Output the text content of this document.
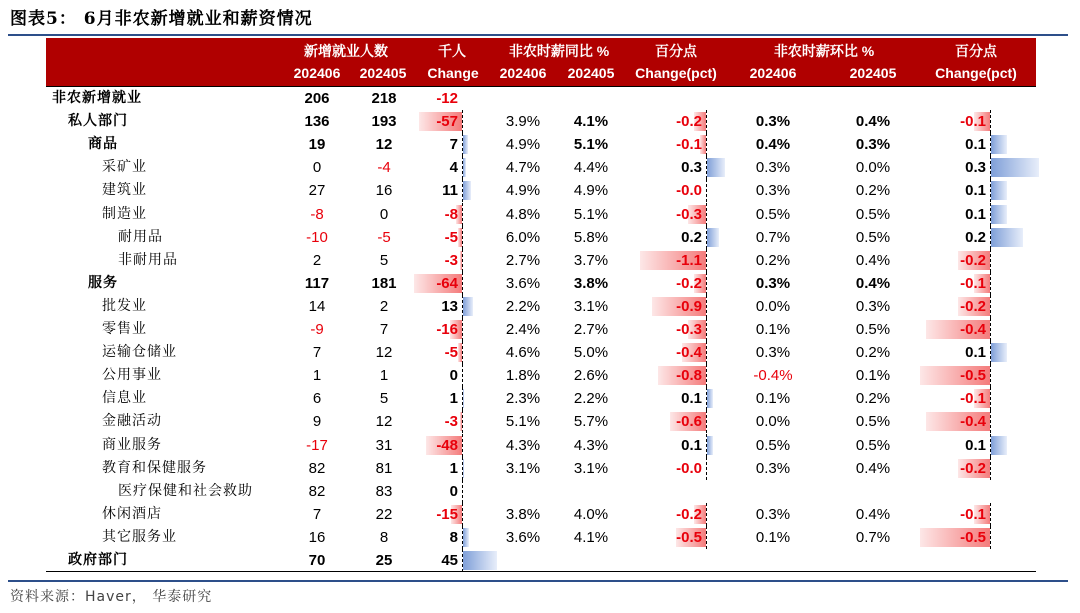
图表5： 6月非农新增就业和薪资情况
新增就业人数	千人	非农时薪同比 %	百分点	非农时薪环比 %	百分点
202406	202405	Change	202406	202405	Change(pct)	202406	202405	Change(pct)
非农新增就业	206	218	-12
私人部门	136	193	-57	3.9%	4.1%	-0.2	0.3%	0.4%	-0.1
商品	19	12	7	4.9%	5.1%	-0.1	0.4%	0.3%	0.1
采矿业	0	-4	4	4.7%	4.4%	0.3	0.3%	0.0%	0.3
建筑业	27	16	11	4.9%	4.9%	-0.0	0.3%	0.2%	0.1
制造业	-8	0	-8	4.8%	5.1%	-0.3	0.5%	0.5%	0.1
耐用品	-10	-5	-5	6.0%	5.8%	0.2	0.7%	0.5%	0.2
非耐用品	2	5	-3	2.7%	3.7%	-1.1	0.2%	0.4%	-0.2
服务	117	181	-64	3.6%	3.8%	-0.2	0.3%	0.4%	-0.1
批发业	14	2	13	2.2%	3.1%	-0.9	0.0%	0.3%	-0.2
零售业	-9	7	-16	2.4%	2.7%	-0.3	0.1%	0.5%	-0.4
运输仓储业	7	12	-5	4.6%	5.0%	-0.4	0.3%	0.2%	0.1
公用事业	1	1	0	1.8%	2.6%	-0.8	-0.4%	0.1%	-0.5
信息业	6	5	1	2.3%	2.2%	0.1	0.1%	0.2%	-0.1
金融活动	9	12	-3	5.1%	5.7%	-0.6	0.0%	0.5%	-0.4
商业服务	-17	31	-48	4.3%	4.3%	0.1	0.5%	0.5%	0.1
教育和保健服务	82	81	1	3.1%	3.1%	-0.0	0.3%	0.4%	-0.2
医疗保健和社会救助	82	83	0
休闲酒店	7	22	-15	3.8%	4.0%	-0.2	0.3%	0.4%	-0.1
其它服务业	16	8	8	3.6%	4.1%	-0.5	0.1%	0.7%	-0.5
政府部门	70	25	45
资料来源：Haver， 华泰研究
